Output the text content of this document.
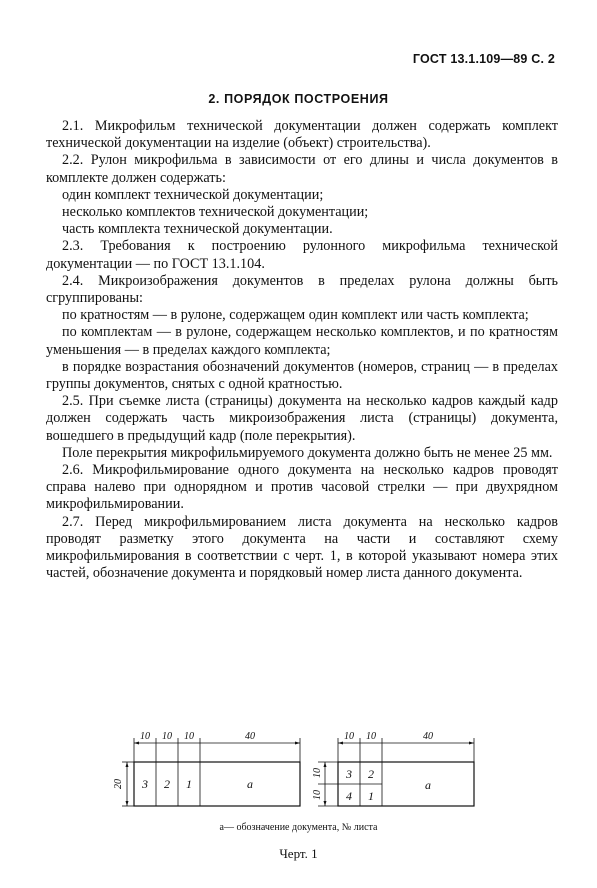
ГОСТ 13.1.109—89 С. 2
2. ПОРЯДОК ПОСТРОЕНИЯ

2.1. Микрофильм технической документации должен содержать комплект технической документации на изделие (объект) строительства).

2.2. Рулон микрофильма в зависимости от его длины и числа документов в комплекте должен содержать:

один комплект технической документации;

несколько комплектов технической документации;

часть комплекта технической документации.

2.3. Требования к построению рулонного микрофильма технической документации — по ГОСТ 13.1.104.

2.4. Микроизображения документов в пределах рулона должны быть сгруппированы:

по кратностям — в рулоне, содержащем один комплект или часть комплекта;

по комплектам — в рулоне, содержащем несколько комплектов, и по кратностям уменьшения — в пределах каждого комплекта;

в порядке возрастания обозначений документов (номеров, страниц — в пределах группы документов, снятых с одной кратностью.

2.5. При съемке листа (страницы) документа на несколько кадров каждый кадр должен содержать часть микроизображения листа (страницы) документа, вошедшего в предыдущий кадр (поле перекрытия).

Поле перекрытия микрофильмируемого документа должно быть не менее 25 мм.

2.6. Микрофильмирование одного документа на несколько кадров проводят справа налево при однорядном и против часовой стрелки — при двухрядном микрофильмировании.

2.7. Перед микрофильмированием листа документа на несколько кадров проводят разметку этого документа на части и составляют схему микрофильмирования в соответствии с черт. 1, в которой указывают номера этих частей, обозначение документа и порядковый номер листа данного документа.

10 10 10	40
20 3 2 1	a
10 10	40
10
10
3 2
4 1
a
a— обозначение документа, № листа
Черт. 1
